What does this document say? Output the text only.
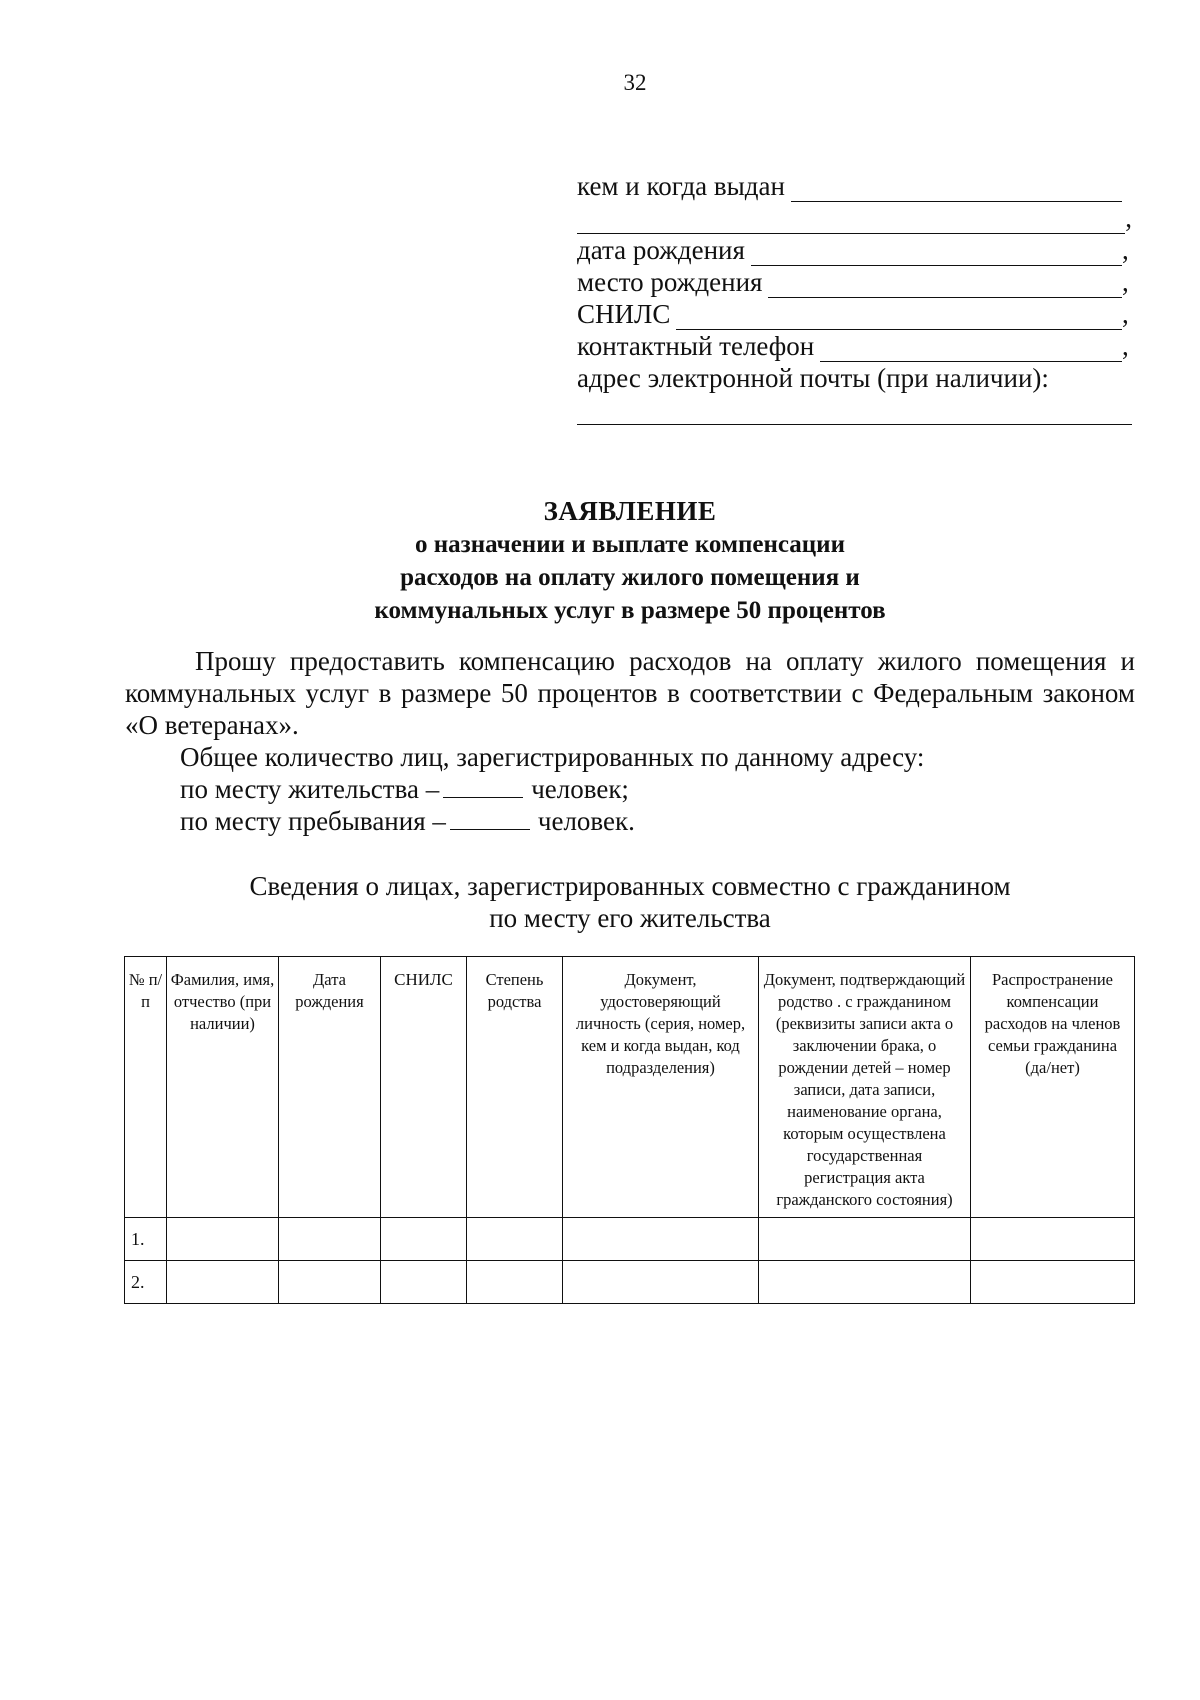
32
кем и когда выдан
,
дата рождения	,
место рождения	,
СНИЛС	,
контактный телефон	,
адрес электронной почты (при наличии):
ЗАЯВЛЕНИЕ
о назначении и выплате компенсации
расходов на оплату жилого помещения и
коммунальных услуг в размере 50 процентов
Прошу предоставить компенсацию расходов на оплату жилого помещения и коммунальных услуг в размере 50 процентов в соответствии с Федеральным законом «О ветеранах».
Общее количество лиц, зарегистрированных по данному адресу:
по месту жительства –	человек;
по месту пребывания –	человек.
Сведения о лицах, зарегистрированных совместно с гражданином
по месту его жительства
№ п/п	Фамилия, имя, отчество (при наличии)	Дата рождения	СНИЛС	Степень родства	Документ, удостоверяющий личность (серия, номер, кем и когда выдан, код подразделения)	Документ, подтверждающий родство . с гражданином (реквизиты записи акта о заключении брака, о рождении детей – номер записи, дата записи, наименование органа, которым осуществлена государственная регистрация акта гражданского состояния)	Распространение компенсации расходов на членов семьи гражданина (да/нет)
1.							
2.							
